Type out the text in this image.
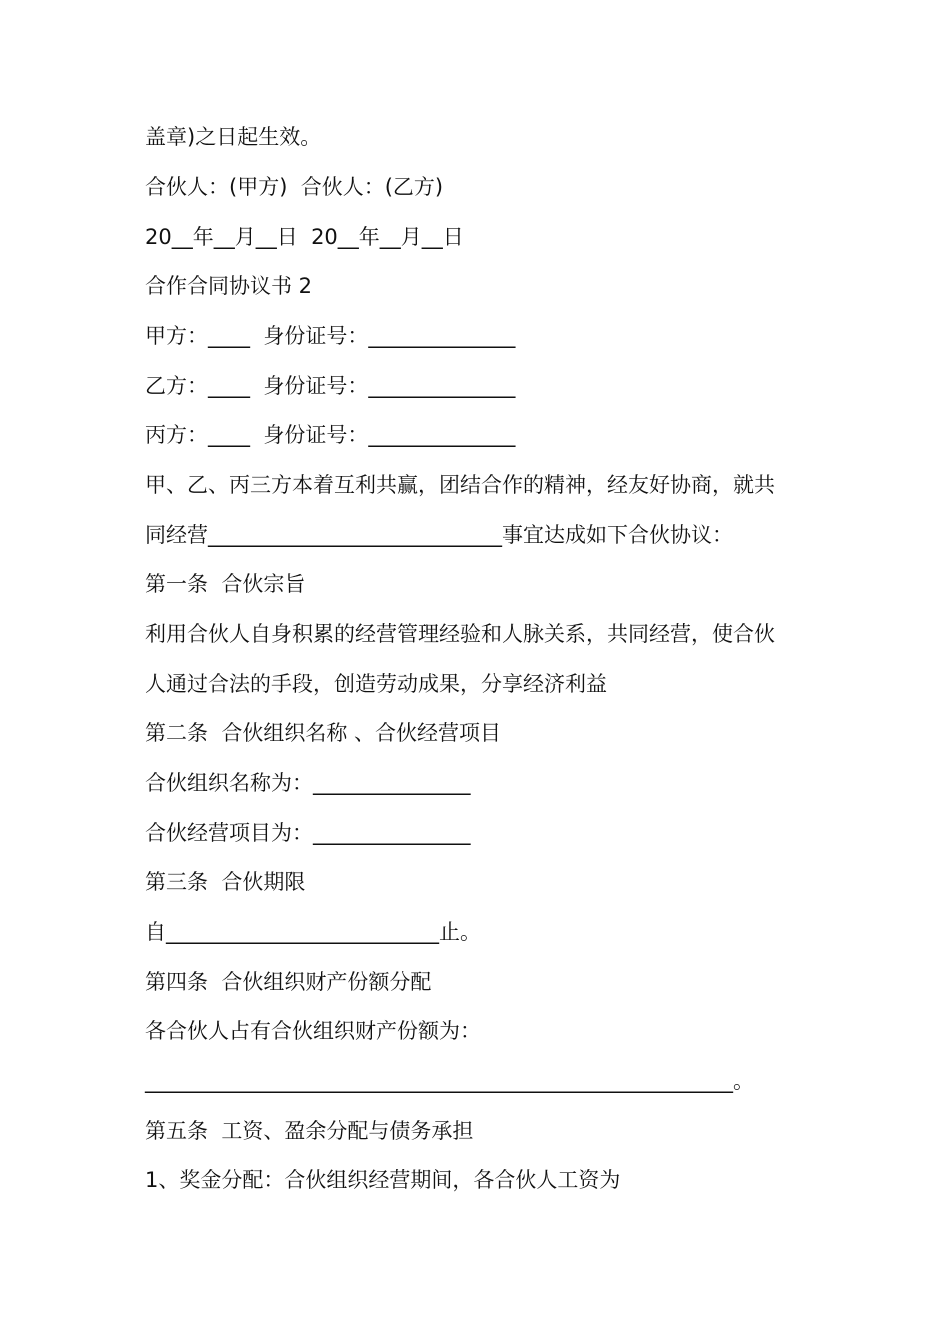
盖章)之日起生效。
合伙人：(甲方)  合伙人：(乙方)
20__年__月__日  20__年__月__日
合作合同协议书 2
甲方：____  身份证号：______________
乙方：____  身份证号：______________
丙方：____  身份证号：______________
甲、乙、丙三方本着互利共赢，团结合作的精神，经友好协商，就共
同经营____________________________事宜达成如下合伙协议：
第一条  合伙宗旨
利用合伙人自身积累的经营管理经验和人脉关系，共同经营，使合伙
人通过合法的手段，创造劳动成果，分享经济利益
第二条  合伙组织名称 、合伙经营项目
合伙组织名称为：_______________
合伙经营项目为：_______________
第三条  合伙期限
自__________________________止。
第四条  合伙组织财产份额分配
各合伙人占有合伙组织财产份额为：
________________________________________________________。
第五条  工资、盈余分配与债务承担
1、奖金分配：合伙组织经营期间，各合伙人工资为
